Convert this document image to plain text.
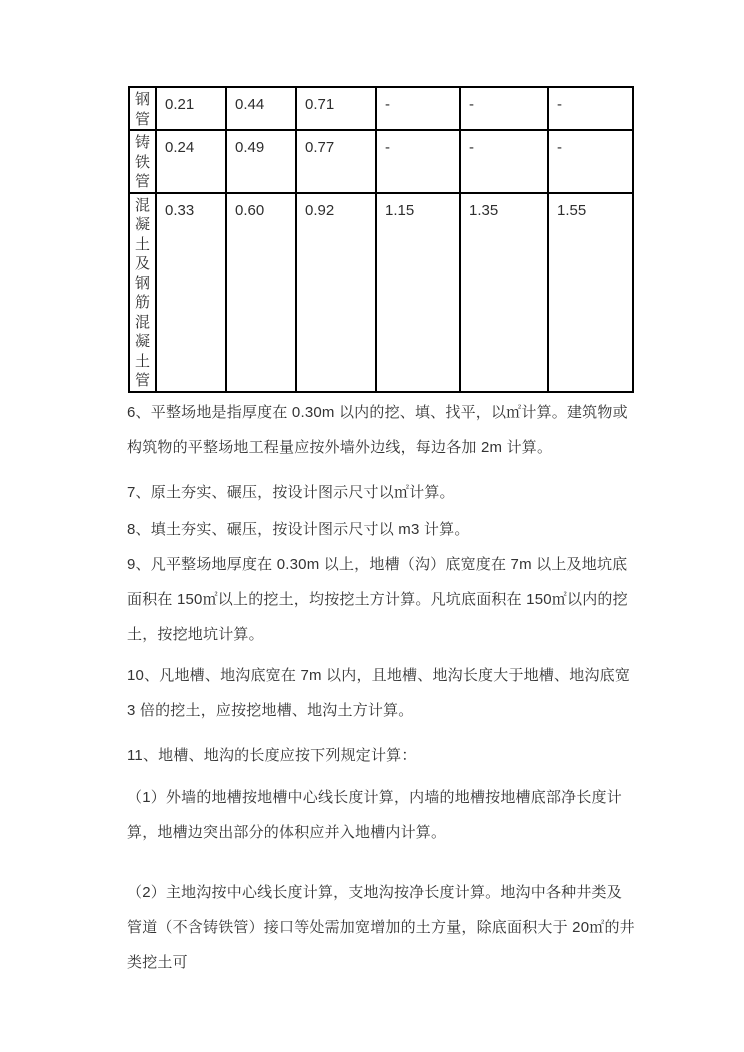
钢管	0.21	0.44	0.71	-	-	-
铸铁管	0.24	0.49	0.77	-	-	-
混凝土及钢筋混凝土管	0.33	0.60	0.92	1.15	1.35	1.55

6、平整场地是指厚度在 0.30m 以内的挖、填、找平，以㎡计算。建筑物或构筑物的平整场地工程量应按外墙外边线，每边各加 2m 计算。

7、原土夯实、碾压，按设计图示尺寸以㎡计算。

8、填土夯实、碾压，按设计图示尺寸以 m3 计算。

9、凡平整场地厚度在 0.30m 以上，地槽（沟）底宽度在 7m 以上及地坑底面积在 150㎡以上的挖土，均按挖土方计算。凡坑底面积在 150㎡以内的挖土，按挖地坑计算。

10、凡地槽、地沟底宽在 7m 以内，且地槽、地沟长度大于地槽、地沟底宽 3 倍的挖土，应按挖地槽、地沟土方计算。

11、地槽、地沟的长度应按下列规定计算：

（1）外墙的地槽按地槽中心线长度计算，内墙的地槽按地槽底部净长度计算，地槽边突出部分的体积应并入地槽内计算。

（2）主地沟按中心线长度计算，支地沟按净长度计算。地沟中各种井类及管道（不含铸铁管）接口等处需加宽增加的土方量，除底面积大于 20㎡的井类挖土可
